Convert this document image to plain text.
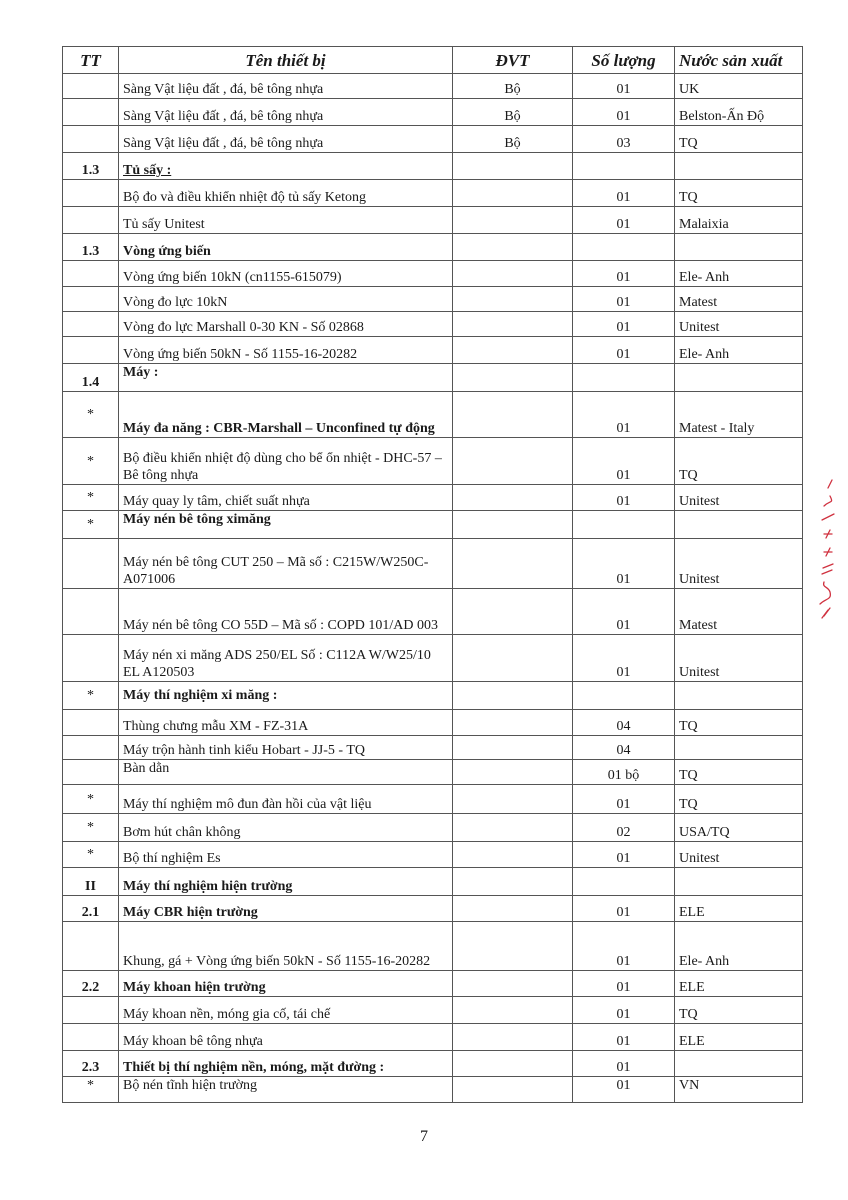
TT	Tên thiết bị	ĐVT	Số lượng	Nước sản xuất
	Sàng Vật liệu đất , đá, bê tông nhựa	Bộ	01	UK
	Sàng Vật liệu đất , đá, bê tông nhựa	Bộ	01	Belston-Ấn Độ
	Sàng Vật liệu đất , đá, bê tông nhựa	Bộ	03	TQ
1.3	Tủ sấy :			
	Bộ đo và điều khiển nhiệt độ tủ sấy Ketong		01	TQ
	Tủ sấy Unitest		01	Malaixia
1.3	Vòng ứng biến			
	Vòng ứng biến 10kN (cn1155-615079)		01	Ele- Anh
	Vòng đo lực 10kN		01	Matest
	Vòng đo lực Marshall 0-30 KN - Số 02868		01	Unitest
	Vòng ứng biến 50kN - Số 1155-16-20282		01	Ele- Anh
1.4	Máy :			
*	Máy đa năng : CBR-Marshall – Unconfined tự động		01	Matest - Italy
*	Bộ điều khiển nhiệt độ dùng cho bể ổn nhiệt - DHC-57 – Bê tông nhựa		01	TQ
*	Máy quay ly tâm, chiết suất nhựa		01	Unitest
*	Máy nén bê tông ximăng			
	Máy nén bê tông CUT 250 – Mã số : C215W/W250C-A071006		01	Unitest
	Máy nén bê tông CO 55D – Mã số : COPD 101/AD 003		01	Matest
	Máy nén xi măng ADS 250/EL Số : C112A W/W25/10 EL A120503		01	Unitest
*	Máy thí nghiệm xi măng :			
	Thùng chưng mẫu XM - FZ-31A		04	TQ
	Máy trộn hành tinh kiểu Hobart - JJ-5 - TQ		04	
	Bàn dằn		01 bộ	TQ
*	Máy thí nghiệm mô đun đàn hồi của vật liệu		01	TQ
*	Bơm hút chân không		02	USA/TQ
*	Bộ thí nghiệm Es		01	Unitest
II	Máy thí nghiệm hiện trường			
2.1	Máy CBR hiện trường		01	ELE
	Khung, gá + Vòng ứng biến 50kN - Số 1155-16-20282		01	Ele- Anh
2.2	Máy khoan hiện trường		01	ELE
	Máy khoan nền, móng gia cố, tái chế		01	TQ
	Máy khoan bê tông nhựa		01	ELE
2.3	Thiết bị thí nghiệm nền, móng, mặt đường :		01	
*	Bộ nén tĩnh hiện trường		01	VN
7
